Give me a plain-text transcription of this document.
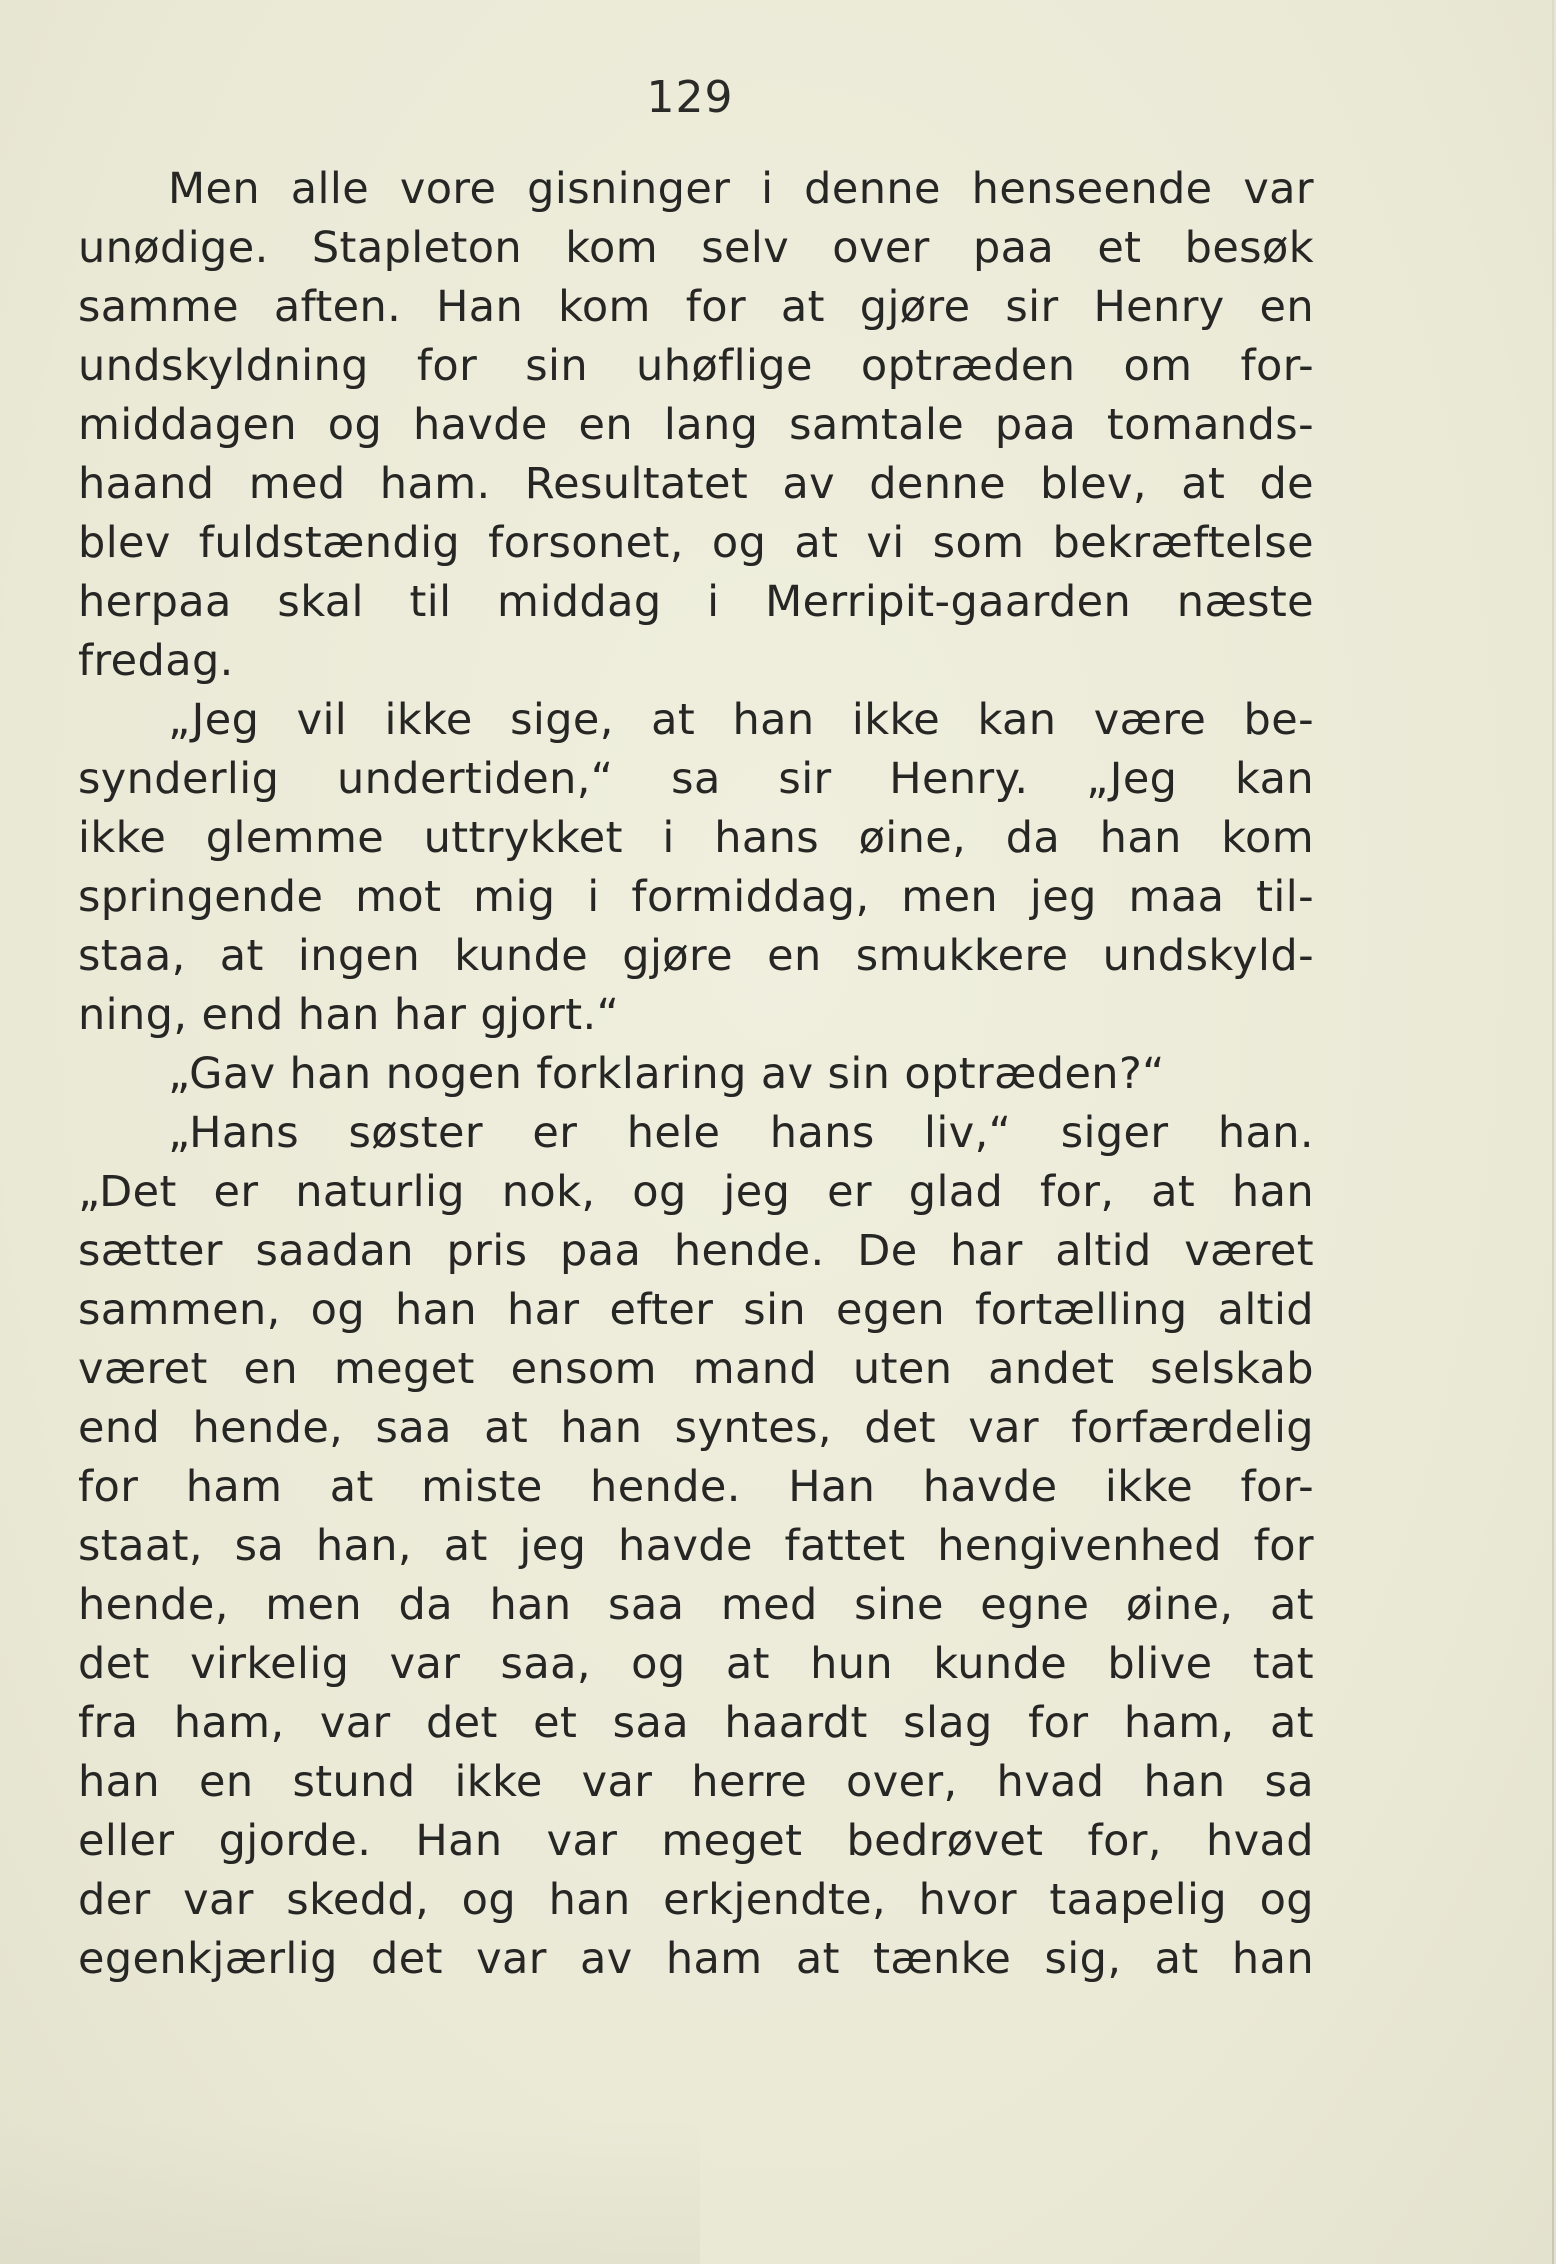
129
Men alle vore gisninger i denne henseende var
unødige. Stapleton kom selv over paa et besøk
samme aften. Han kom for at gjøre sir Henry en
undskyldning for sin uhøflige optræden om for-
middagen og havde en lang samtale paa tomands-
haand med ham. Resultatet av denne blev, at de
blev fuldstændig forsonet, og at vi som bekræftelse
herpaa skal til middag i Merripit-gaarden næste
fredag.
„Jeg vil ikke sige, at han ikke kan være be-
synderlig undertiden,“ sa sir Henry. „Jeg kan
ikke glemme uttrykket i hans øine, da han kom
springende mot mig i formiddag, men jeg maa til-
staa, at ingen kunde gjøre en smukkere undskyld-
ning, end han har gjort.“
„Gav han nogen forklaring av sin optræden?“
„Hans søster er hele hans liv,“ siger han.
„Det er naturlig nok, og jeg er glad for, at han
sætter saadan pris paa hende. De har altid været
sammen, og han har efter sin egen fortælling altid
været en meget ensom mand uten andet selskab
end hende, saa at han syntes, det var forfærdelig
for ham at miste hende. Han havde ikke for-
staat, sa han, at jeg havde fattet hengivenhed for
hende, men da han saa med sine egne øine, at
det virkelig var saa, og at hun kunde blive tat
fra ham, var det et saa haardt slag for ham, at
han en stund ikke var herre over, hvad han sa
eller gjorde. Han var meget bedrøvet for, hvad
der var skedd, og han erkjendte, hvor taapelig og
egenkjærlig det var av ham at tænke sig, at han
